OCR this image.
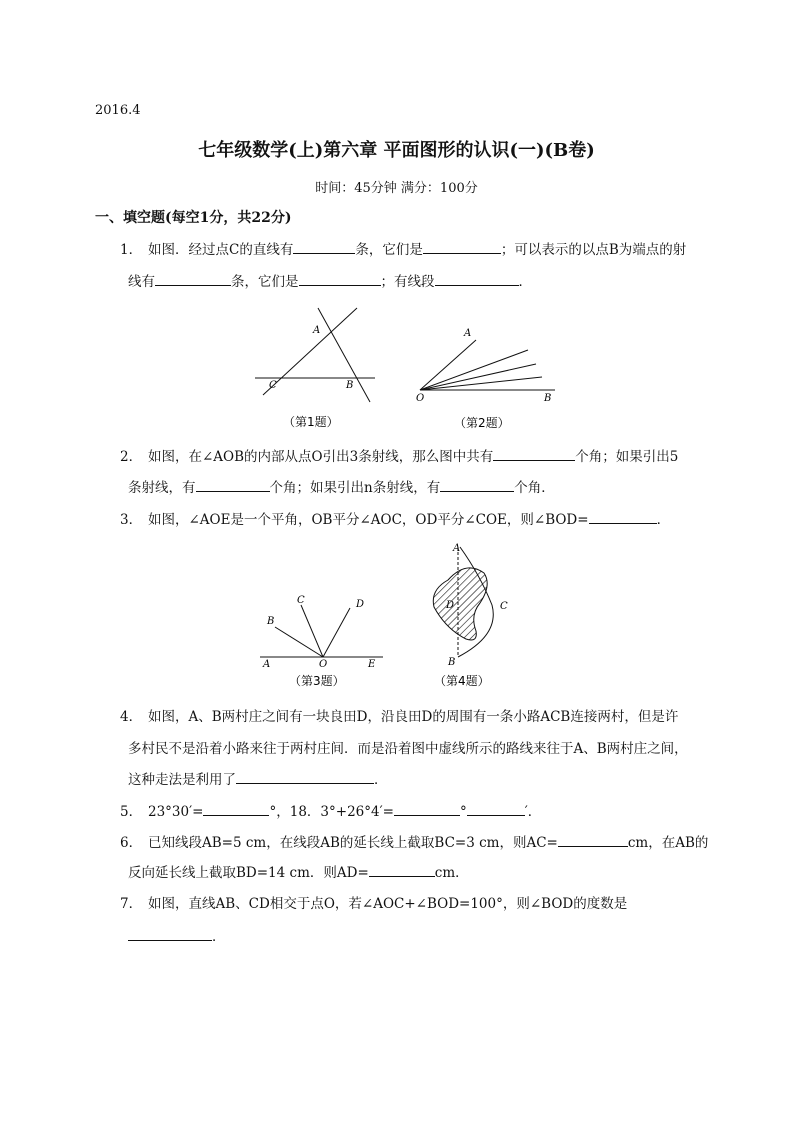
2016.4
七年级数学(上)第六章 平面图形的认识(一)(B卷)
时间：45分钟 满分：100分
一、填空题(每空1分，共22分)
1． 如图．经过点C的直线有	条，它们是	；可以表示的以点B为端点的射
线有	条，它们是	；有线段	．
A
C	B
（第1题）
A
O	B
（第2题）
2． 如图，在∠AOB的内部从点O引出3条射线，那么图中共有	个角；如果引出5
条射线，有	个角；如果引出n条射线，有	个角．
3． 如图，∠AOE是一个平角，OB平分∠AOC，OD平分∠COE，则∠BOD=	．
B
C	D
A	O	E
（第3题）
A
D	C
B
（第4题）
4． 如图，A、B两村庄之间有一块良田D，沿良田D的周围有一条小路ACB连接两村，但是许
多村民不是沿着小路来往于两村庄间．而是沿着图中虚线所示的路线来往于A、B两村庄之间，
这种走法是利用了	．
5． 23°30′=	°，18．3°+26°4′=	°	′．
6． 已知线段AB=5 cm，在线段AB的延长线上截取BC=3 cm，则AC=	cm，在AB的
反向延长线上截取BD=14 cm．则AD=	cm．
7． 如图，直线AB、CD相交于点O，若∠AOC+∠BOD=100°，则∠BOD的度数是
．
